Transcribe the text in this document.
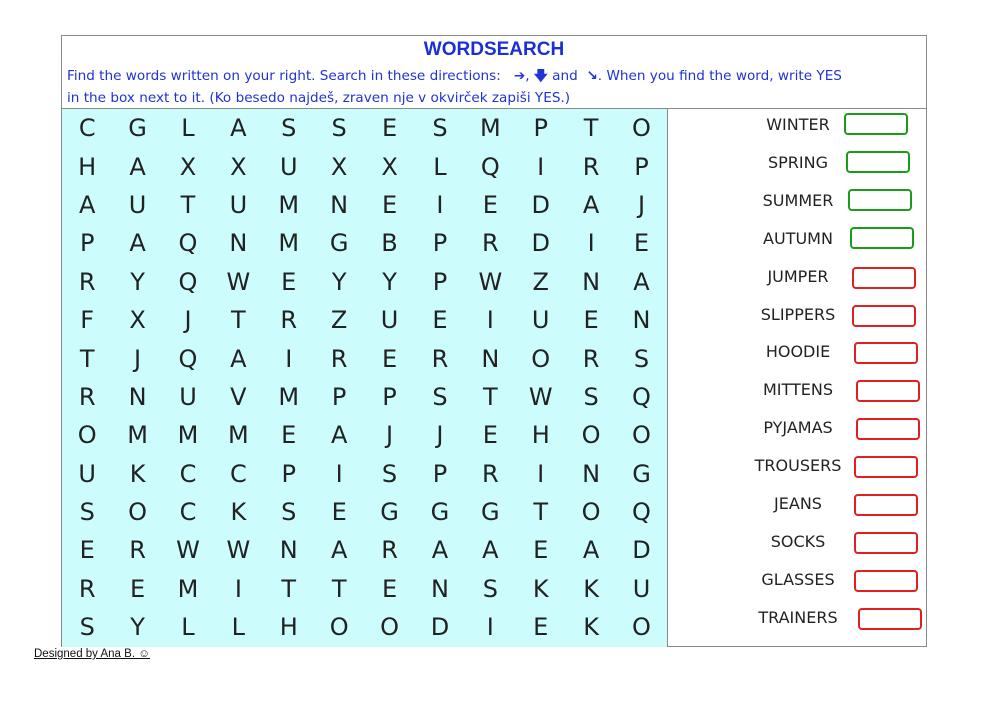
WORDSEARCH
Find the words written on your right. Search in these directions: ➔, 🡇 and ↘. When you find the word, write YES
in the box next to it. (Ko besedo najdeš, zraven nje v okvirček zapiši YES.)
C	G	L	A	S	S	E	S	M	P	T	O
H	A	X	X	U	X	X	L	Q	I	R	P
A	U	T	U	M	N	E	I	E	D	A	J
P	A	Q	N	M	G	B	P	R	D	I	E
R	Y	Q	W	E	Y	Y	P	W	Z	N	A
F	X	J	T	R	Z	U	E	I	U	E	N
T	J	Q	A	I	R	E	R	N	O	R	S
R	N	U	V	M	P	P	S	T	W	S	Q
O	M	M	M	E	A	J	J	E	H	O	O
U	K	C	C	P	I	S	P	R	I	N	G
S	O	C	K	S	E	G	G	G	T	O	Q
E	R	W	W	N	A	R	A	A	E	A	D
R	E	M	I	T	T	E	N	S	K	K	U
S	Y	L	L	H	O	O	D	I	E	K	O
WINTER
SPRING
SUMMER
AUTUMN
JUMPER
SLIPPERS
HOODIE
MITTENS
PYJAMAS
TROUSERS
JEANS
SOCKS
GLASSES
TRAINERS
Designed by Ana B. ☺
